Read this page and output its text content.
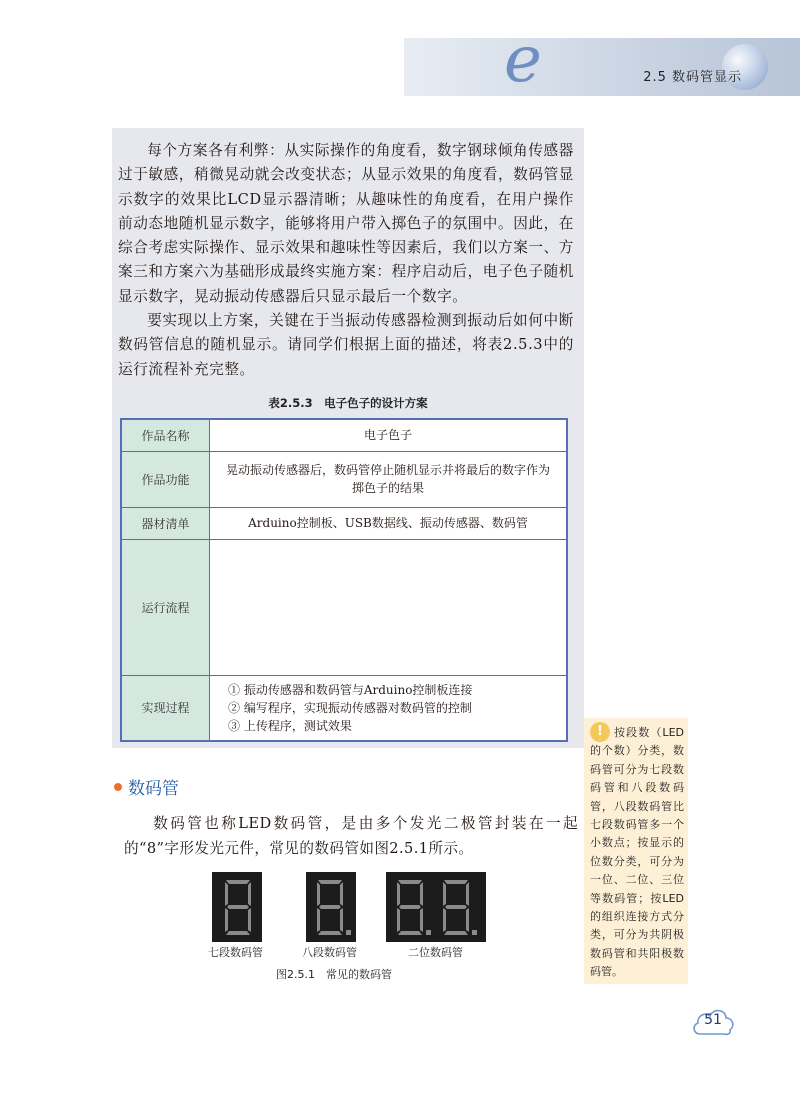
e	2.5 数码管显示

每个方案各有利弊：从实际操作的角度看，数字钢球倾角传感器过于敏感，稍微晃动就会改变状态；从显示效果的角度看，数码管显示数字的效果比LCD显示器清晰；从趣味性的角度看，在用户操作前动态地随机显示数字，能够将用户带入掷色子的氛围中。因此，在综合考虑实际操作、显示效果和趣味性等因素后，我们以方案一、方案三和方案六为基础形成最终实施方案：程序启动后，电子色子随机显示数字，晃动振动传感器后只显示最后一个数字。

要实现以上方案，关键在于当振动传感器检测到振动后如何中断数码管信息的随机显示。请同学们根据上面的描述，将表2.5.3中的运行流程补充完整。

表2.5.3　电子色子的设计方案
作品名称	电子色子
作品功能	晃动振动传感器后，数码管停止随机显示并将最后的数字作为掷色子的结果
器材清单	Arduino控制板、USB数据线、振动传感器、数码管
运行流程	
实现过程	① 振动传感器和数码管与Arduino控制板连接
② 编写程序，实现振动传感器对数码管的控制
③ 上传程序，测试效果
数码管

数码管也称LED数码管，是由多个发光二极管封装在一起的“8”字形发光元件，常见的数码管如图2.5.1所示。

七段数码管	八段数码管	二位数码管
图2.5.1　常见的数码管
!	按段数（LED的个数）分类，数码管可分为七段数码管和八段数码管，八段数码管比七段数码管多一个小数点；按显示的位数分类，可分为一位、二位、三位等数码管；按LED的组织连接方式分类，可分为共阴极数码管和共阳极数码管。
51
